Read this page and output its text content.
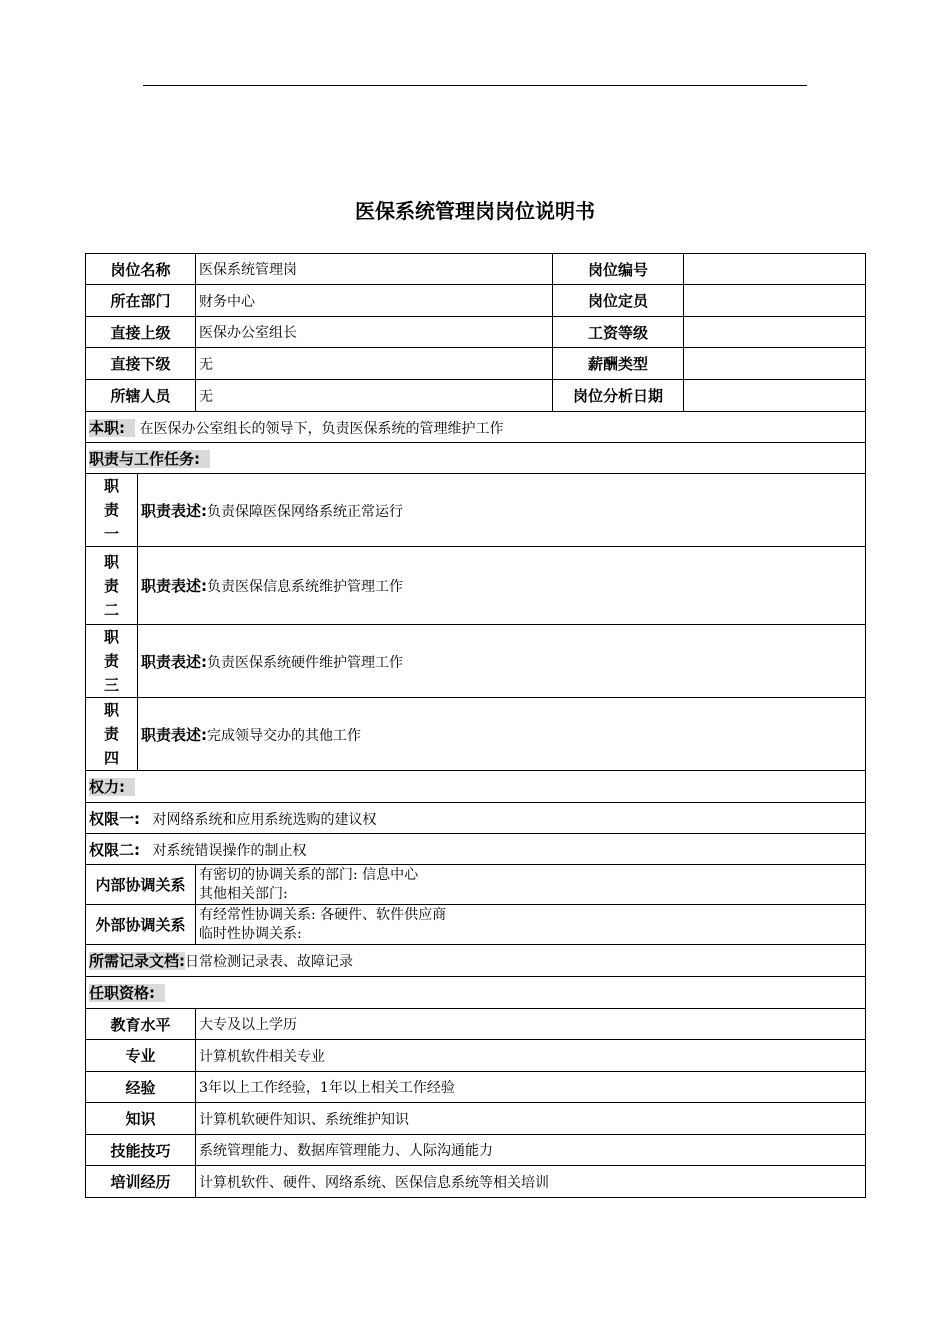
医保系统管理岗岗位说明书
岗位名称		医保系统管理岗	岗位编号	
所在部门		财务中心	岗位定员	
直接上级		医保办公室组长	工资等级	
直接下级		无	薪酬类型	
所辖人员		无	岗位分析日期	
本职: 在医保办公室组长的领导下，负责医保系统的管理维护工作				
职责与工作任务:				

职
责
一	职责表述:负责保障医保网络系统正常运行			

职
责
二	职责表述:负责医保信息系统维护管理工作			

职
责
三	职责表述:负责医保系统硬件维护管理工作			

职
责
四	职责表述:完成领导交办的其他工作			
权力:				
权限一: 对网络系统和应用系统选购的建议权				
权限二: 对系统错误操作的制止权				
内部协调关系		有密切的协调关系的部门: 信息中心
其他相关部门:		

外部协调关系		有经常性协调关系: 各硬件、软件供应商
临时性协调关系:		

所需记录文档:日常检测记录表、故障记录				
任职资格:				
教育水平		大专及以上学历		
专业		计算机软件相关专业		
经验		3年以上工作经验，1年以上相关工作经验		
知识		计算机软硬件知识、系统维护知识		
技能技巧		系统管理能力、数据库管理能力、人际沟通能力		
培训经历		计算机软件、硬件、网络系统、医保信息系统等相关培训		
